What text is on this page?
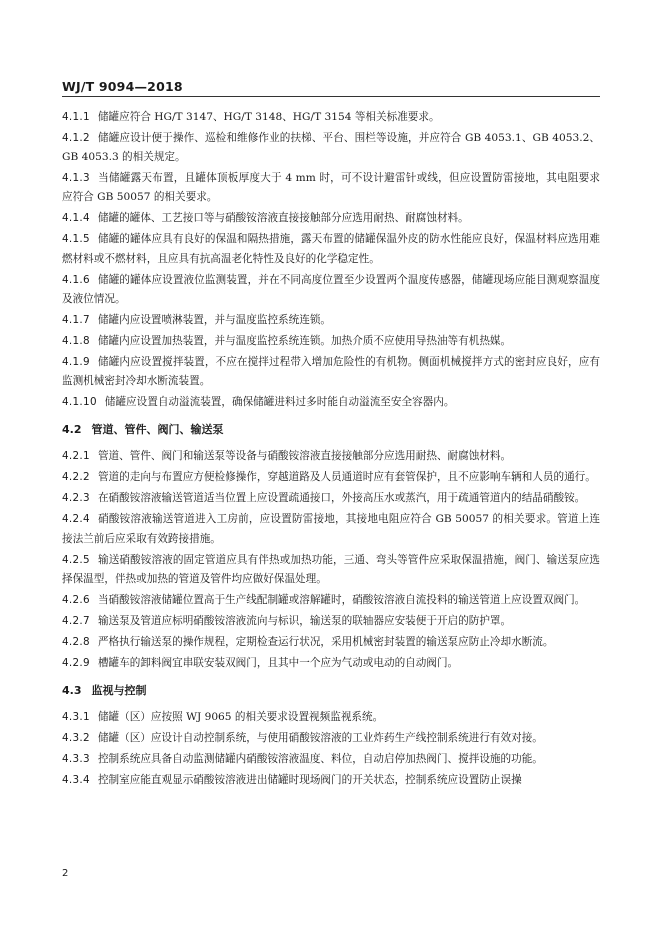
WJ/T 9094—2018

4.1.1 储罐应符合 HG/T 3147、HG/T 3148、HG/T 3154 等相关标准要求。

4.1.2 储罐应设计便于操作、巡检和维修作业的扶梯、平台、围栏等设施，并应符合 GB 4053.1、GB 4053.2、GB 4053.3 的相关规定。

4.1.3 当储罐露天布置，且罐体顶板厚度大于 4 mm 时，可不设计避雷针或线，但应设置防雷接地，其电阻要求应符合 GB 50057 的相关要求。

4.1.4 储罐的罐体、工艺接口等与硝酸铵溶液直接接触部分应选用耐热、耐腐蚀材料。

4.1.5 储罐的罐体应具有良好的保温和隔热措施，露天布置的储罐保温外皮的防水性能应良好，保温材料应选用难燃材料或不燃材料，且应具有抗高温老化特性及良好的化学稳定性。

4.1.6 储罐的罐体应设置液位监测装置，并在不同高度位置至少设置两个温度传感器，储罐现场应能目测观察温度及液位情况。

4.1.7 储罐内应设置喷淋装置，并与温度监控系统连锁。

4.1.8 储罐内应设置加热装置，并与温度监控系统连锁。加热介质不应使用导热油等有机热媒。

4.1.9 储罐内应设置搅拌装置，不应在搅拌过程带入增加危险性的有机物。侧面机械搅拌方式的密封应良好，应有监测机械密封冷却水断流装置。

4.1.10 储罐应设置自动溢流装置，确保储罐进料过多时能自动溢流至安全容器内。

4.2 管道、管件、阀门、输送泵

4.2.1 管道、管件、阀门和输送泵等设备与硝酸铵溶液直接接触部分应选用耐热、耐腐蚀材料。

4.2.2 管道的走向与布置应方便检修操作，穿越道路及人员通道时应有套管保护，且不应影响车辆和人员的通行。

4.2.3 在硝酸铵溶液输送管道适当位置上应设置疏通接口，外接高压水或蒸汽，用于疏通管道内的结晶硝酸铵。

4.2.4 硝酸铵溶液输送管道进入工房前，应设置防雷接地，其接地电阻应符合 GB 50057 的相关要求。管道上连接法兰前后应采取有效跨接措施。

4.2.5 输送硝酸铵溶液的固定管道应具有伴热或加热功能，三通、弯头等管件应采取保温措施，阀门、输送泵应选择保温型，伴热或加热的管道及管件均应做好保温处理。

4.2.6 当硝酸铵溶液储罐位置高于生产线配制罐或溶解罐时，硝酸铵溶液自流投料的输送管道上应设置双阀门。

4.2.7 输送泵及管道应标明硝酸铵溶液流向与标识，输送泵的联轴器应安装便于开启的防护罩。

4.2.8 严格执行输送泵的操作规程，定期检查运行状况，采用机械密封装置的输送泵应防止冷却水断流。

4.2.9 槽罐车的卸料阀宜串联安装双阀门，且其中一个应为气动或电动的自动阀门。

4.3 监视与控制

4.3.1 储罐（区）应按照 WJ 9065 的相关要求设置视频监视系统。

4.3.2 储罐（区）应设计自动控制系统，与使用硝酸铵溶液的工业炸药生产线控制系统进行有效对接。

4.3.3 控制系统应具备自动监测储罐内硝酸铵溶液温度、料位，自动启停加热阀门、搅拌设施的功能。

4.3.4 控制室应能直观显示硝酸铵溶液进出储罐时现场阀门的开关状态，控制系统应设置防止误操

2
